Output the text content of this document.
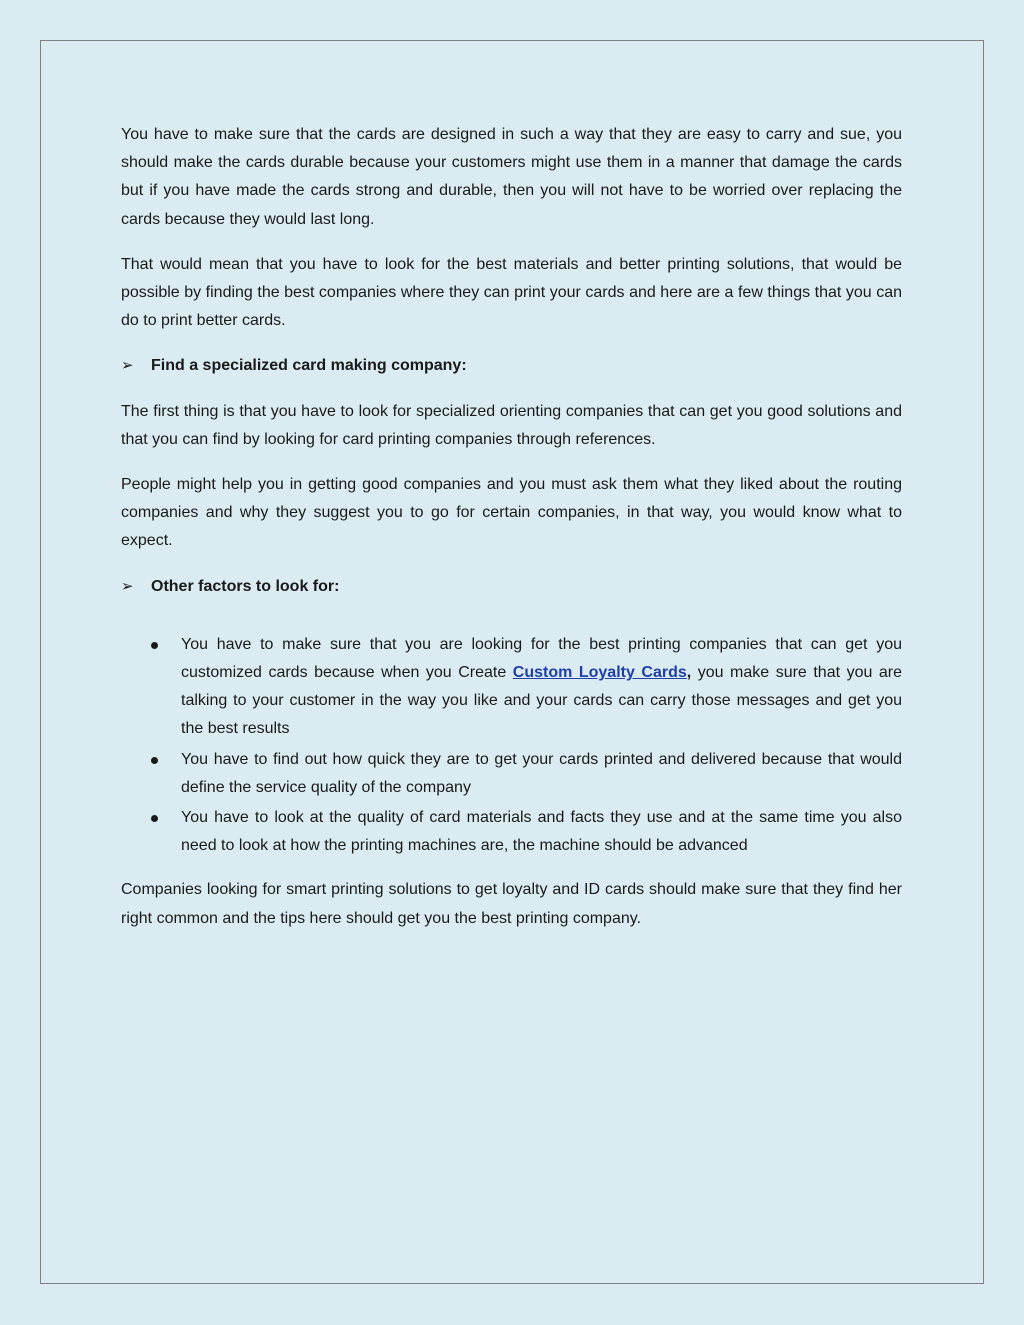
You have to make sure that the cards are designed in such a way that they are easy to carry and sue, you should make the cards durable because your customers might use them in a manner that damage the cards but if you have made the cards strong and durable, then you will not have to be worried over replacing the cards because they would last long.

That would mean that you have to look for the best materials and better printing solutions, that would be possible by finding the best companies where they can print your cards and here are a few things that you can do to print better cards.

➢	Find a specialized card making company:

The first thing is that you have to look for specialized orienting companies that can get you good solutions and that you can find by looking for card printing companies through references.

People might help you in getting good companies and you must ask them what they liked about the routing companies and why they suggest you to go for certain companies, in that way, you would know what to expect.

➢	Other factors to look for:
You have to make sure that you are looking for the best printing companies that can get you customized cards because when you Create Custom Loyalty Cards, you make sure that you are talking to your customer in the way you like and your cards can carry those messages and get you the best results
You have to find out how quick they are to get your cards printed and delivered because that would define the service quality of the company
You have to look at the quality of card materials and facts they use and at the same time you also need to look at how the printing machines are, the machine should be advanced

Companies looking for smart printing solutions to get loyalty and ID cards should make sure that they find her right common and the tips here should get you the best printing company.
